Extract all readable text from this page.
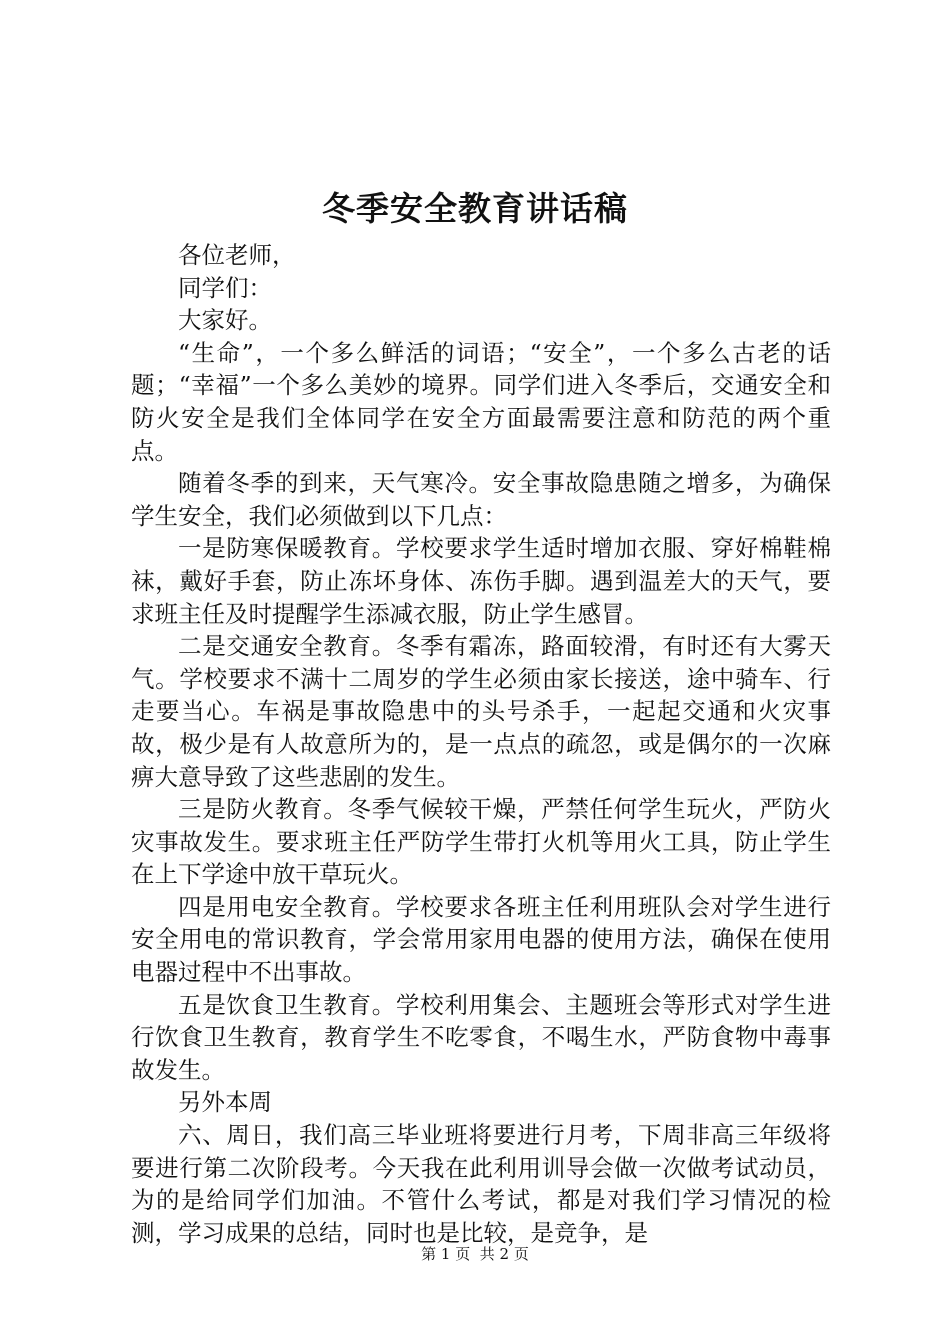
冬季安全教育讲话稿

各位老师，

同学们：

大家好。

“生命”，一个多么鲜活的词语；“安全”，一个多么古老的话题；“幸福”一个多么美妙的境界。同学们进入冬季后，交通安全和防火安全是我们全体同学在安全方面最需要注意和防范的两个重点。

随着冬季的到来，天气寒冷。安全事故隐患随之增多，为确保学生安全，我们必须做到以下几点：

一是防寒保暖教育。学校要求学生适时增加衣服、穿好棉鞋棉袜，戴好手套，防止冻坏身体、冻伤手脚。遇到温差大的天气，要求班主任及时提醒学生添减衣服，防止学生感冒。

二是交通安全教育。冬季有霜冻，路面较滑，有时还有大雾天气。学校要求不满十二周岁的学生必须由家长接送，途中骑车、行走要当心。车祸是事故隐患中的头号杀手，一起起交通和火灾事故，极少是有人故意所为的，是一点点的疏忽，或是偶尔的一次麻痹大意导致了这些悲剧的发生。

三是防火教育。冬季气候较干燥，严禁任何学生玩火，严防火灾事故发生。要求班主任严防学生带打火机等用火工具，防止学生在上下学途中放干草玩火。

四是用电安全教育。学校要求各班主任利用班队会对学生进行安全用电的常识教育，学会常用家用电器的使用方法，确保在使用电器过程中不出事故。

五是饮食卫生教育。学校利用集会、主题班会等形式对学生进行饮食卫生教育，教育学生不吃零食，不喝生水，严防食物中毒事故发生。

另外本周

六、周日，我们高三毕业班将要进行月考，下周非高三年级将要进行第二次阶段考。今天我在此利用训导会做一次做考试动员，为的是给同学们加油。不管什么考试，都是对我们学习情况的检测，学习成果的总结，同时也是比较，是竞争，是

第 1 页  共 2 页
